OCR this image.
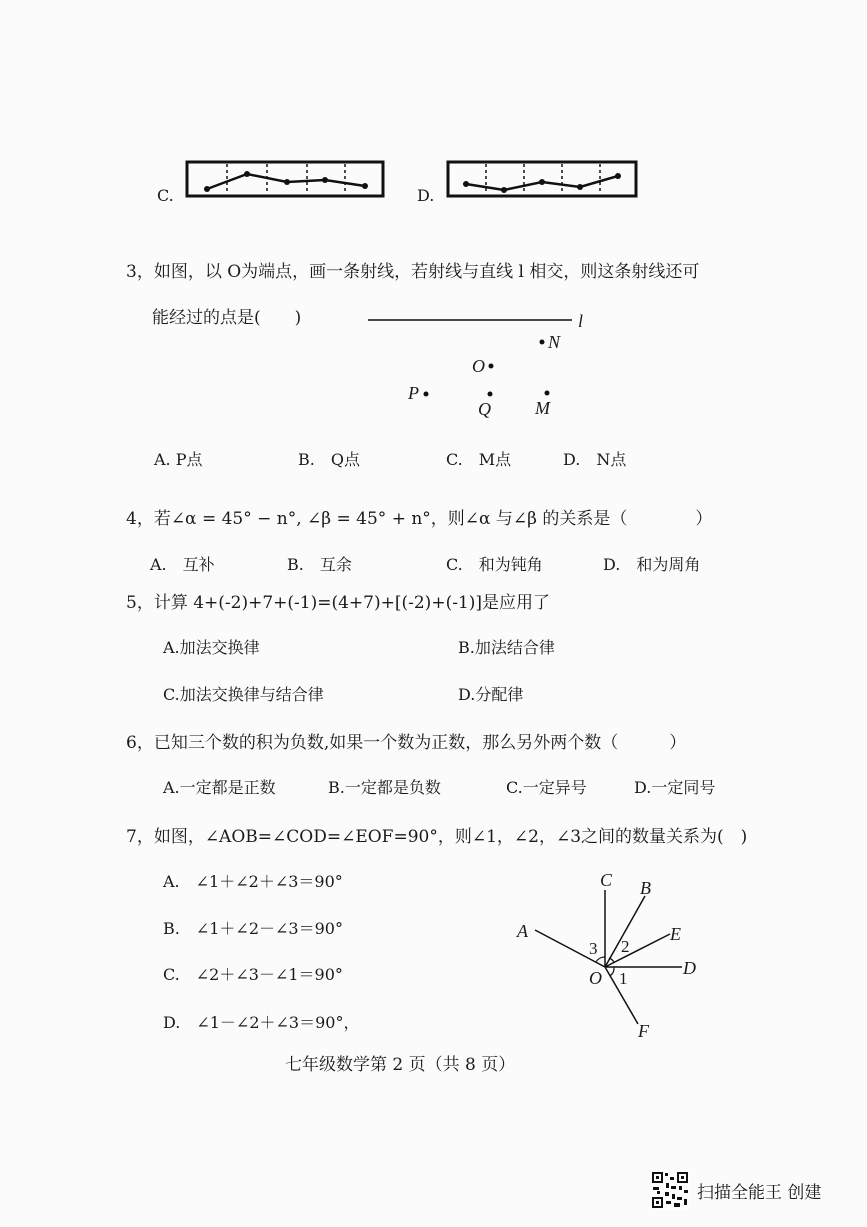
C.	D.
3，如图，以 O为端点，画一条射线，若射线与直线 l 相交，则这条射线还可
能经过的点是(　　)	l
N
O
P
Q M
A. P点	B.　Q点	C.　M点	D.　N点
4，若∠α = 45° − n°, ∠β = 45° + n°，则∠α 与∠β 的关系是（　　　　）
A.　互补	B.　互余	C.　和为钝角	D.　和为周角
5，计算 4+(-2)+7+(-1)=(4+7)+[(-2)+(-1)]是应用了
A.加法交换律	B.加法结合律
C.加法交换律与结合律	D.分配律
6，已知三个数的积为负数,如果一个数为正数，那么另外两个数（　　　）
A.一定都是正数	B.一定都是负数	C.一定异号	D.一定同号
7，如图，∠AOB=∠COD=∠EOF=90°，则∠1，∠2，∠3之间的数量关系为(　)
A.　∠1＋∠2＋∠3＝90°
B.　∠1＋∠2－∠3＝90°
C.　∠2＋∠3－∠1＝90°
D.　∠1－∠2＋∠3＝90°，
C B
A	E
D
O
F
3 2
1
七年级数学第 2 页（共 8 页）
扫描全能王 创建
